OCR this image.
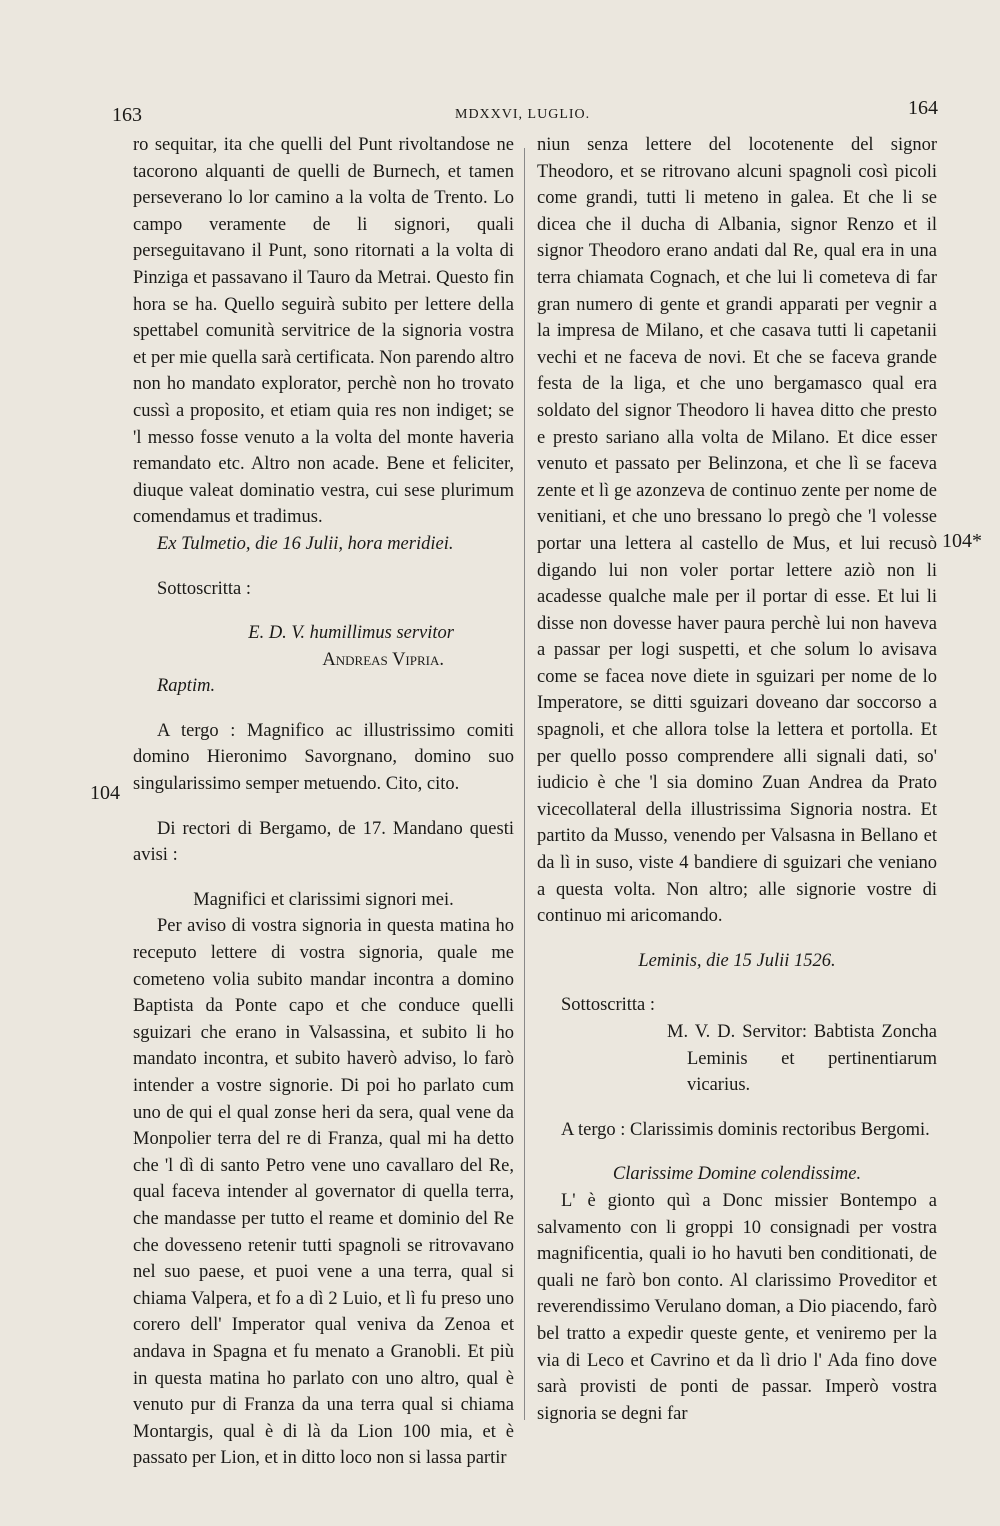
163	MDXXVI, LUGLIO.	164
104
104*

ro sequitar, ita che quelli del Punt rivoltandose ne tacorono alquanti de quelli de Burnech, et tamen perseverano lo lor camino a la volta de Trento. Lo campo veramente de li signori, quali perseguitavano il Punt, sono ritornati a la volta di Pinziga et passavano il Tauro da Metrai. Questo fin hora se ha. Quello seguirà subito per lettere della spettabel comunità servitrice de la signoria vostra et per mie quella sarà certificata. Non parendo altro non ho mandato explorator, perchè non ho trovato cussì a proposito, et etiam quia res non indiget; se 'l messo fosse venuto a la volta del monte haveria remandato etc. Altro non acade. Bene et feliciter, diuque valeat dominatio vestra, cui sese plurimum comendamus et tradimus.

Ex Tulmetio, die 16 Julii, hora meridiei.

Sottoscritta :

E. D. V. humillimus servitor

Andreas Vipria.

Raptim.

A tergo : Magnifico ac illustrissimo comiti domino Hieronimo Savorgnano, domino suo singularissimo semper metuendo. Cito, cito.

Di rectori di Bergamo, de 17. Mandano questi avisi :

Magnifici et clarissimi signori mei.

Per aviso di vostra signoria in questa matina ho receputo lettere di vostra signoria, quale me cometeno volia subito mandar incontra a domino Baptista da Ponte capo et che conduce quelli sguizari che erano in Valsassina, et subito li ho mandato incontra, et subito haverò adviso, lo farò intender a vostre signorie. Di poi ho parlato cum uno de qui el qual zonse heri da sera, qual vene da Monpolier terra del re di Franza, qual mi ha detto che 'l dì di santo Petro vene uno cavallaro del Re, qual faceva intender al governator di quella terra, che mandasse per tutto el reame et dominio del Re che dovesseno retenir tutti spagnoli se ritrovavano nel suo paese, et puoi vene a una terra, qual si chiama Valpera, et fo a dì 2 Luio, et lì fu preso uno corero dell' Imperator qual veniva da Zenoa et andava in Spagna et fu menato a Granobli. Et più in questa matina ho parlato con uno altro, qual è venuto pur di Franza da una terra qual si chiama Montargis, qual è di là da Lion 100 mia, et è passato per Lion, et in ditto loco non si lassa partir

niun senza lettere del locotenente del signor Theodoro, et se ritrovano alcuni spagnoli così picoli come grandi, tutti li meteno in galea. Et che li se dicea che il ducha di Albania, signor Renzo et il signor Theodoro erano andati dal Re, qual era in una terra chiamata Cognach, et che lui li cometeva di far gran numero di gente et grandi apparati per vegnir a la impresa de Milano, et che casava tutti li capetanii vechi et ne faceva de novi. Et che se faceva grande festa de la liga, et che uno bergamasco qual era soldato del signor Theodoro li havea ditto che presto e presto sariano alla volta de Milano. Et dice esser venuto et passato per Belinzona, et che lì se faceva zente et lì ge azonzeva de continuo zente per nome de venitiani, et che uno bressano lo pregò che 'l volesse portar una lettera al castello de Mus, et lui recusò digando lui non voler portar lettere aziò non li acadesse qualche male per il portar di esse. Et lui li disse non dovesse haver paura perchè lui non haveva a passar per logi suspetti, et che solum lo avisava come se facea nove diete in sguizari per nome de lo Imperatore, se ditti sguizari doveano dar soccorso a spagnoli, et che allora tolse la lettera et portolla. Et per quello posso comprendere alli signali dati, so' iudicio è che 'l sia domino Zuan Andrea da Prato vicecollateral della illustrissima Signoria nostra. Et partito da Musso, venendo per Valsasna in Bellano et da lì in suso, viste 4 bandiere di sguizari che veniano a questa volta. Non altro; alle signorie vostre di continuo mi aricomando.

Leminis, die 15 Julii 1526.

Sottoscritta :

M. V. D. Servitor: Babtista Zoncha Leminis et pertinentiarum vicarius.

A tergo : Clarissimis dominis rectoribus Bergomi.

Clarissime Domine colendissime.

L' è gionto quì a Donc missier Bontempo a salvamento con li groppi 10 consignadi per vostra magnificentia, quali io ho havuti ben conditionati, de quali ne farò bon conto. Al clarissimo Proveditor et reverendissimo Verulano doman, a Dio piacendo, farò bel tratto a expedir queste gente, et veniremo per la via di Leco et Cavrino et da lì drio l' Ada fino dove sarà provisti de ponti de passar. Imperò vostra signoria se degni far
